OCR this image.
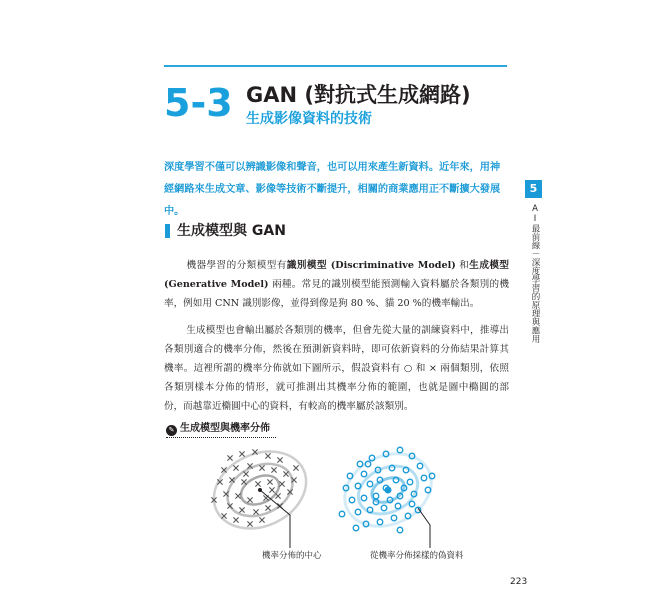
5-3 GAN (對抗式生成網路)
生成影像資料的技術
深度學習不僅可以辨識影像和聲音，也可以用來產生新資料。近年來，用神經網路來生成文章、影像等技術不斷提升，相關的商業應用正不斷擴大發展中。
5
AI最前線－深度學習的原理與應用
生成模型與 GAN
機器學習的分類模型有識別模型 (Discriminative Model) 和生成模型 (Generative Model) 兩種。常見的識別模型能預測輸入資料屬於各類別的機率，例如用 CNN 識別影像，並得到像是狗 80 %、貓 20 %的機率輸出。
生成模型也會輸出屬於各類別的機率，但會先從大量的訓練資料中，推導出各類別適合的機率分佈，然後在預測新資料時，即可依新資料的分佈結果計算其機率。這裡所謂的機率分佈就如下圖所示，假設資料有 ○ 和 × 兩個類別，依照各類別樣本分佈的情形，就可推測出其機率分佈的範圍，也就是圖中橢圓的部份，而越靠近橢圓中心的資料，有較高的機率屬於該類別。
✎ 生成模型與機率分佈
機率分佈的中心	從機率分佈採樣的偽資料
223
